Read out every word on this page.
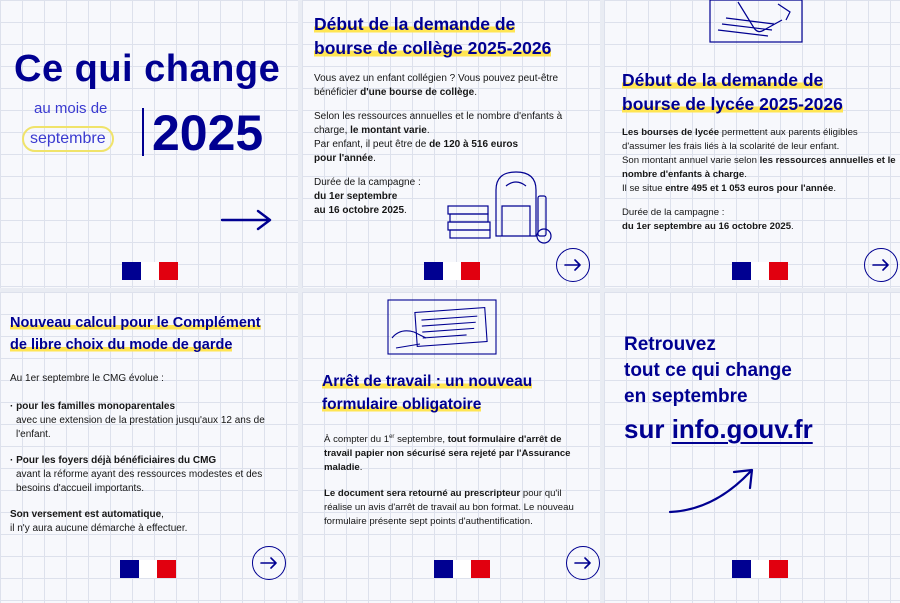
Ce qui change
au mois de
septembre 2025
Début de la demande de
bourse de collège 2025-2026

Vous avez un enfant collégien ? Vous pouvez peut-être bénéficier d'une bourse de collège.

Selon les ressources annuelles et le nombre d'enfants à charge, le montant varie.
Par enfant, il peut être de de 120 à 516 euros
pour l'année.

Durée de la campagne :
du 1er septembre
au 16 octobre 2025.

Début de la demande de
bourse de lycée 2025-2026

Les bourses de lycée permettent aux parents éligibles d'assumer les frais liés à la scolarité de leur enfant.
Son montant annuel varie selon les ressources annuelles et le nombre d'enfants à charge.
Il se situe entre 495 et 1 053 euros pour l'année.

Durée de la campagne :
du 1er septembre au 16 octobre 2025.

Nouveau calcul pour le Complément
de libre choix du mode de garde

Au 1er septembre le CMG évolue :

· pour les familles monoparentales

avec une extension de la prestation jusqu'aux 12 ans de l'enfant.

· Pour les foyers déjà bénéficiaires du CMG

avant la réforme ayant des ressources modestes et des besoins d'accueil importants.

Son versement est automatique,
il n'y aura aucune démarche à effectuer.

Arrêt de travail : un nouveau
formulaire obligatoire

À compter du 1er septembre, tout formulaire d'arrêt de travail papier non sécurisé sera rejeté par l'Assurance maladie.

Le document sera retourné au prescripteur pour qu'il réalise un avis d'arrêt de travail au bon format. Le nouveau formulaire présente sept points d'authentification.

Retrouvez
tout ce qui change
en septembre
sur info.gouv.fr
